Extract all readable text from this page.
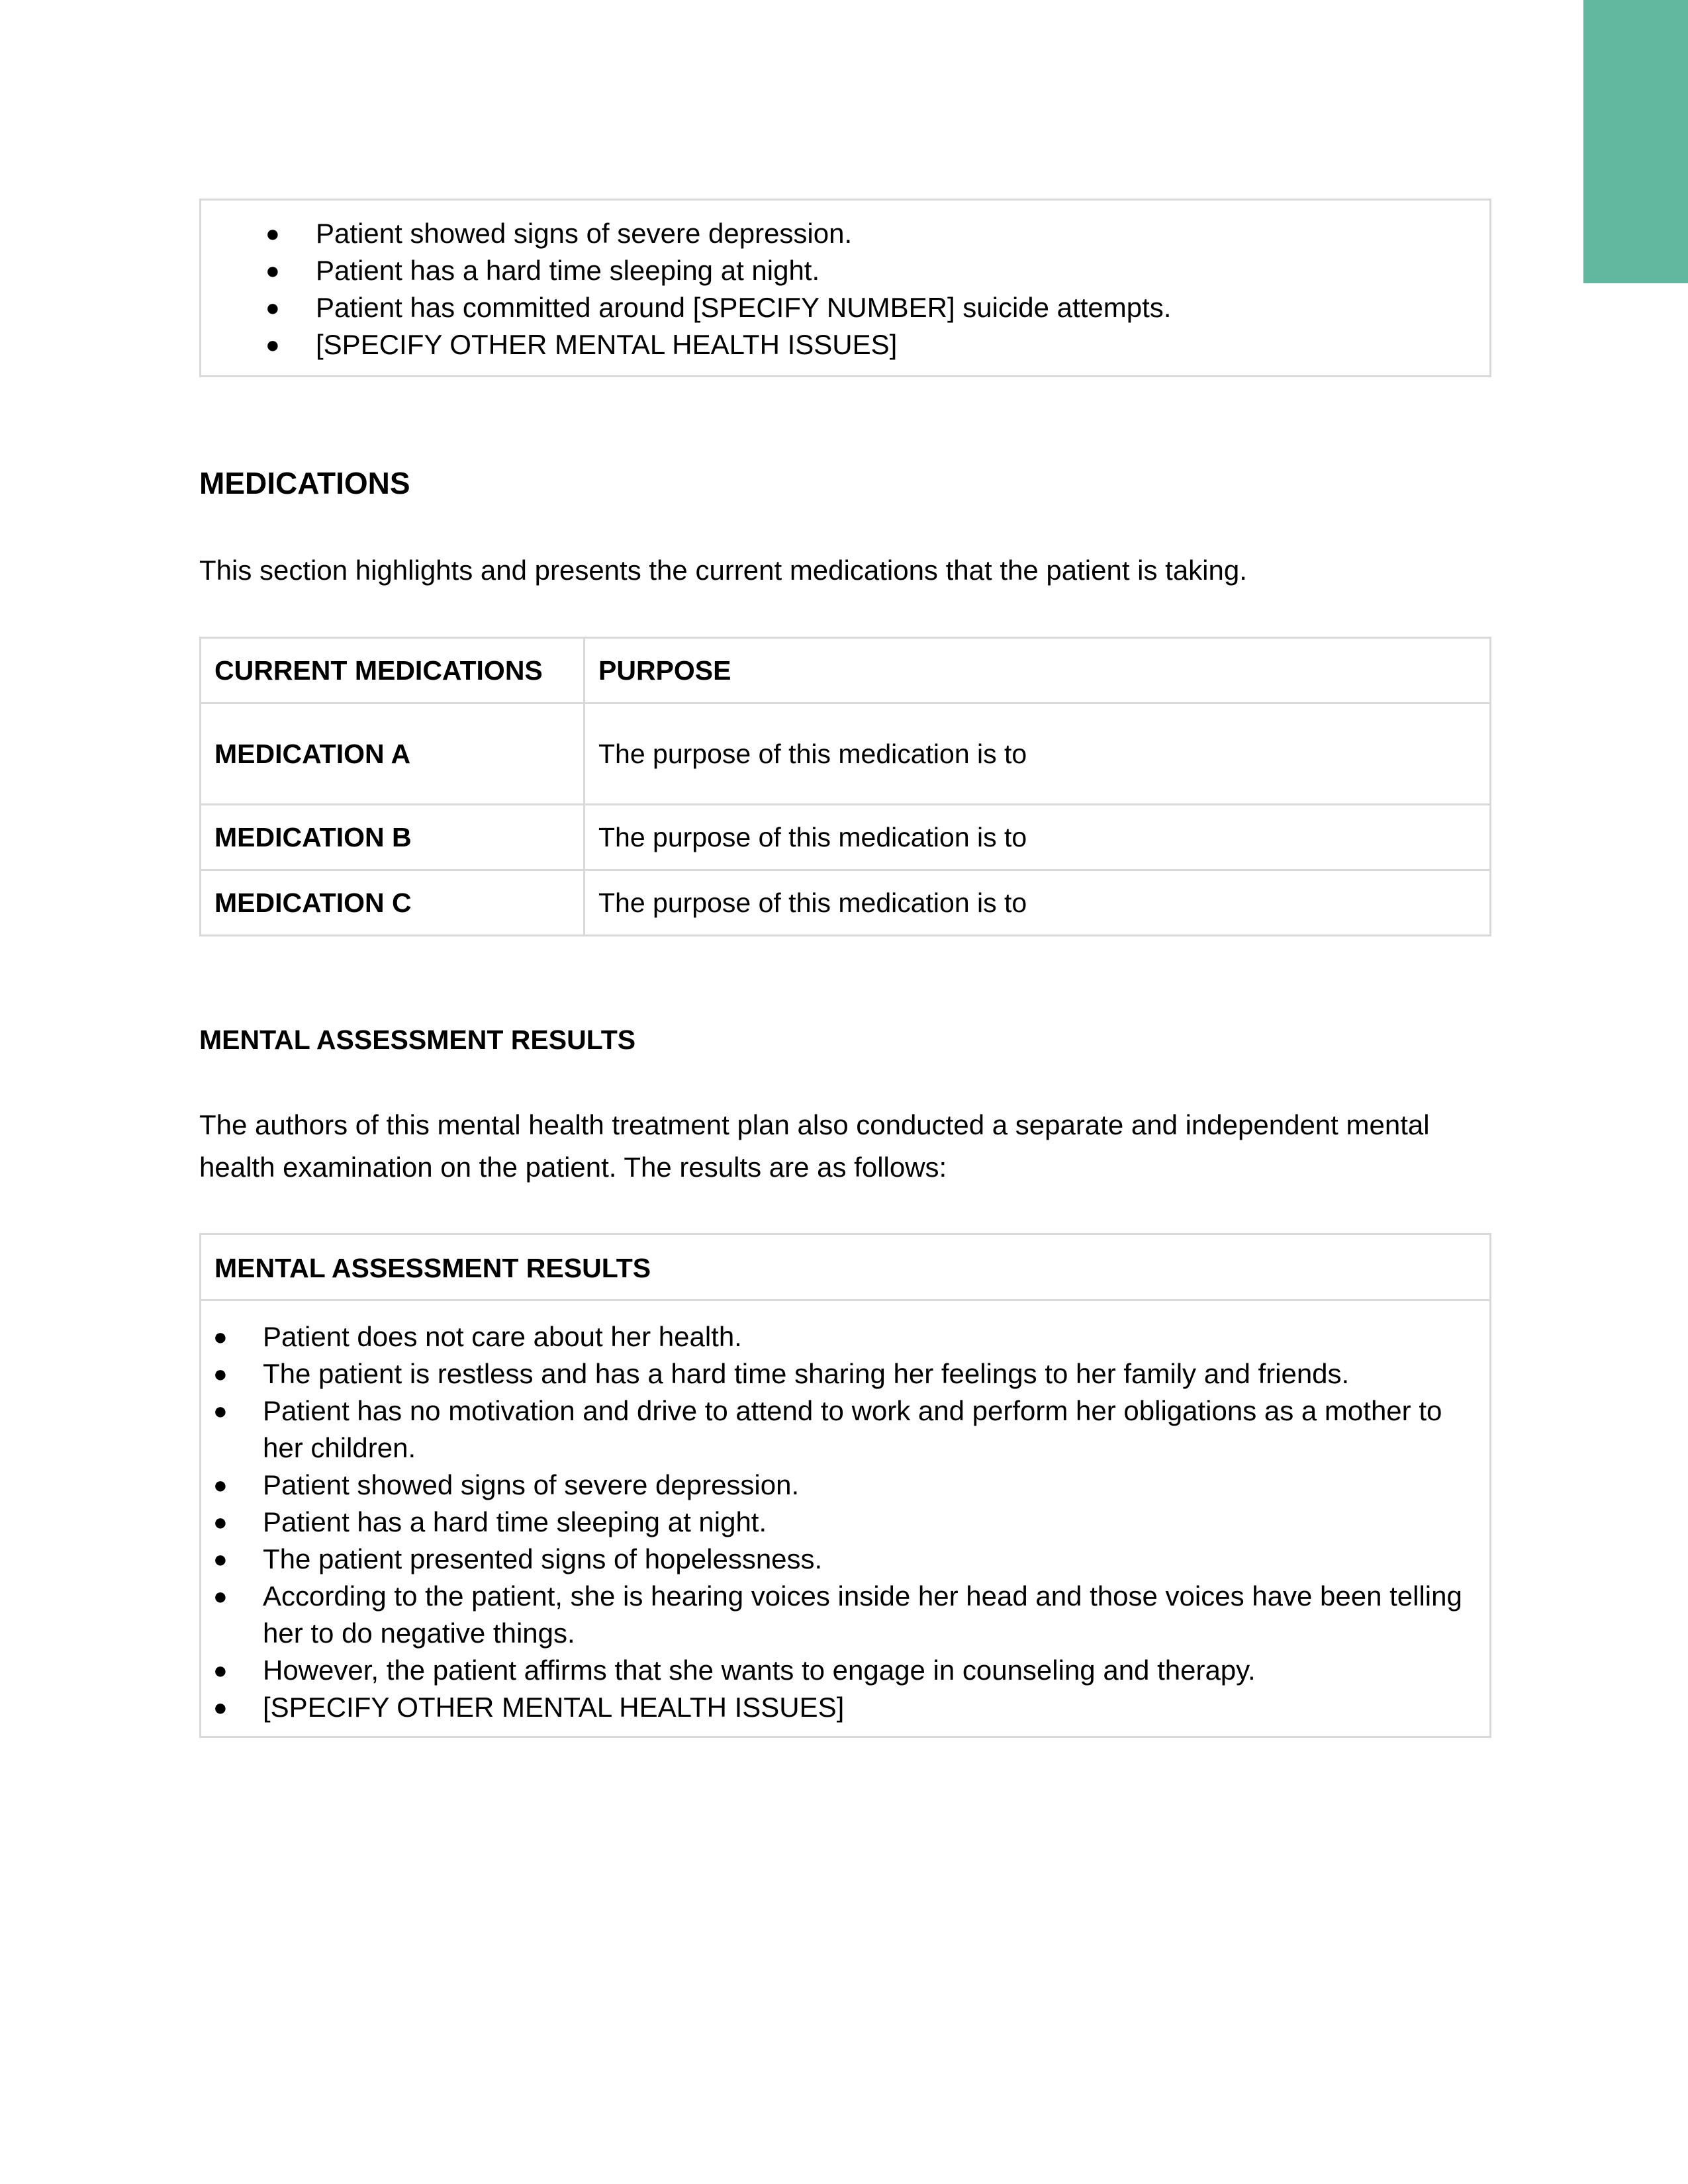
● Patient showed signs of severe depression.
● Patient has a hard time sleeping at night.
● Patient has committed around [SPECIFY NUMBER] suicide attempts.
● [SPECIFY OTHER MENTAL HEALTH ISSUES]
MEDICATIONS

This section highlights and presents the current medications that the patient is taking.

CURRENT MEDICATIONS	PURPOSE
MEDICATION A	The purpose of this medication is to
MEDICATION B	The purpose of this medication is to
MEDICATION C	The purpose of this medication is to
MENTAL ASSESSMENT RESULTS

The authors of this mental health treatment plan also conducted a separate and independent mental health examination on the patient. The results are as follows:

MENTAL ASSESSMENT RESULTS
● Patient does not care about her health.
● The patient is restless and has a hard time sharing her feelings to her family and friends.
● Patient has no motivation and drive to attend to work and perform her obligations as a mother to her children.
● Patient showed signs of severe depression.
● Patient has a hard time sleeping at night.
● The patient presented signs of hopelessness.
● According to the patient, she is hearing voices inside her head and those voices have been telling her to do negative things.
● However, the patient affirms that she wants to engage in counseling and therapy.
● [SPECIFY OTHER MENTAL HEALTH ISSUES]
